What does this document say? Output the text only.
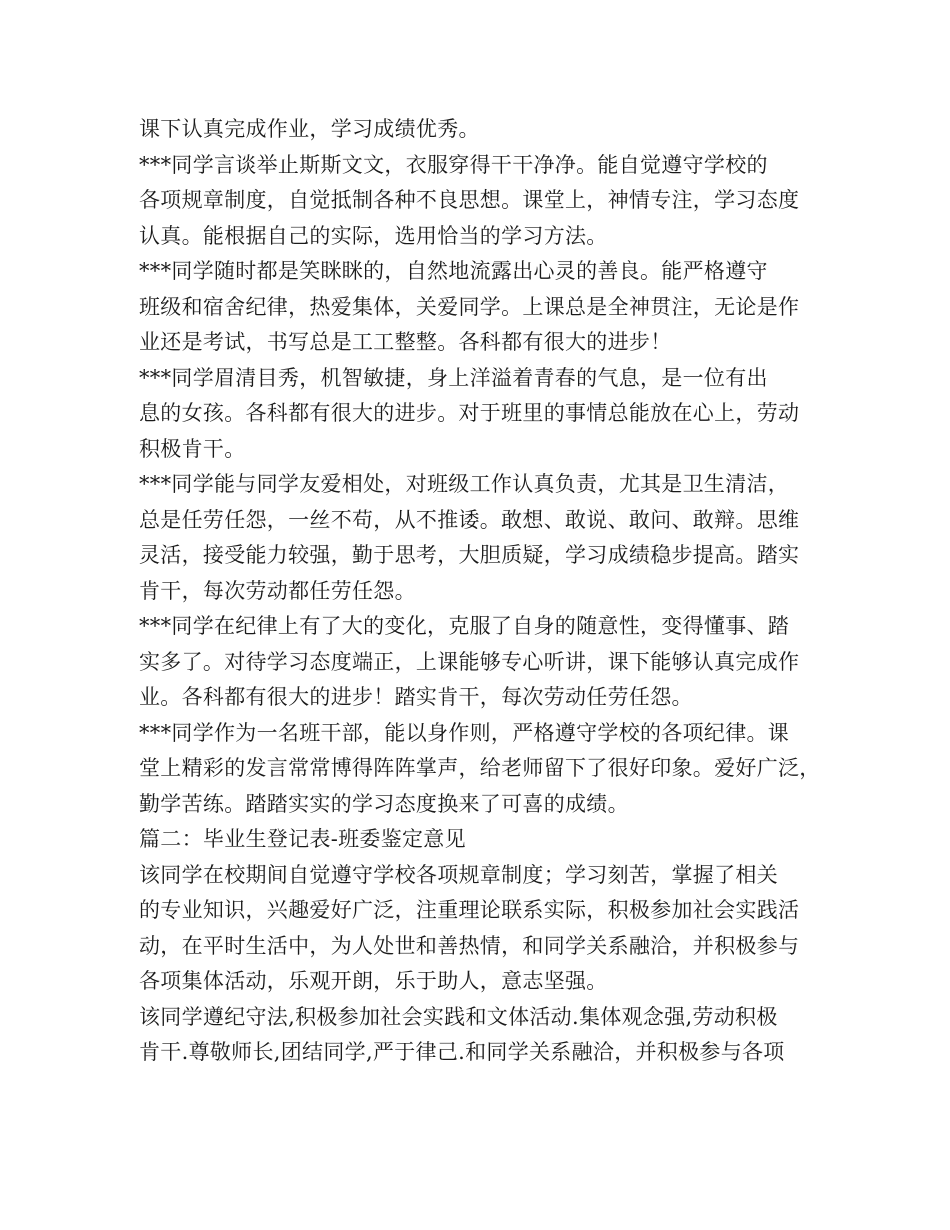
课下认真完成作业，学习成绩优秀。
***同学言谈举止斯斯文文，衣服穿得干干净净。能自觉遵守学校的
各项规章制度，自觉抵制各种不良思想。课堂上，神情专注，学习态度
认真。能根据自己的实际，选用恰当的学习方法。
***同学随时都是笑眯眯的，自然地流露出心灵的善良。能严格遵守
班级和宿舍纪律，热爱集体，关爱同学。上课总是全神贯注，无论是作
业还是考试，书写总是工工整整。各科都有很大的进步！
***同学眉清目秀，机智敏捷，身上洋溢着青春的气息，是一位有出
息的女孩。各科都有很大的进步。对于班里的事情总能放在心上，劳动
积极肯干。
***同学能与同学友爱相处，对班级工作认真负责，尤其是卫生清洁，
总是任劳任怨，一丝不苟，从不推诿。敢想、敢说、敢问、敢辩。思维
灵活，接受能力较强，勤于思考，大胆质疑，学习成绩稳步提高。踏实
肯干，每次劳动都任劳任怨。
***同学在纪律上有了大的变化，克服了自身的随意性，变得懂事、踏
实多了。对待学习态度端正，上课能够专心听讲，课下能够认真完成作
业。各科都有很大的进步！踏实肯干，每次劳动任劳任怨。
***同学作为一名班干部，能以身作则，严格遵守学校的各项纪律。课
堂上精彩的发言常常博得阵阵掌声，给老师留下了很好印象。爱好广泛，
勤学苦练。踏踏实实的学习态度换来了可喜的成绩。
篇二：毕业生登记表-班委鉴定意见
该同学在校期间自觉遵守学校各项规章制度；学习刻苦，掌握了相关
的专业知识，兴趣爱好广泛，注重理论联系实际，积极参加社会实践活
动，在平时生活中，为人处世和善热情，和同学关系融洽，并积极参与
各项集体活动，乐观开朗，乐于助人，意志坚强。
该同学遵纪守法,积极参加社会实践和文体活动.集体观念强,劳动积极
肯干.尊敬师长,团结同学,严于律己.和同学关系融洽，并积极参与各项
